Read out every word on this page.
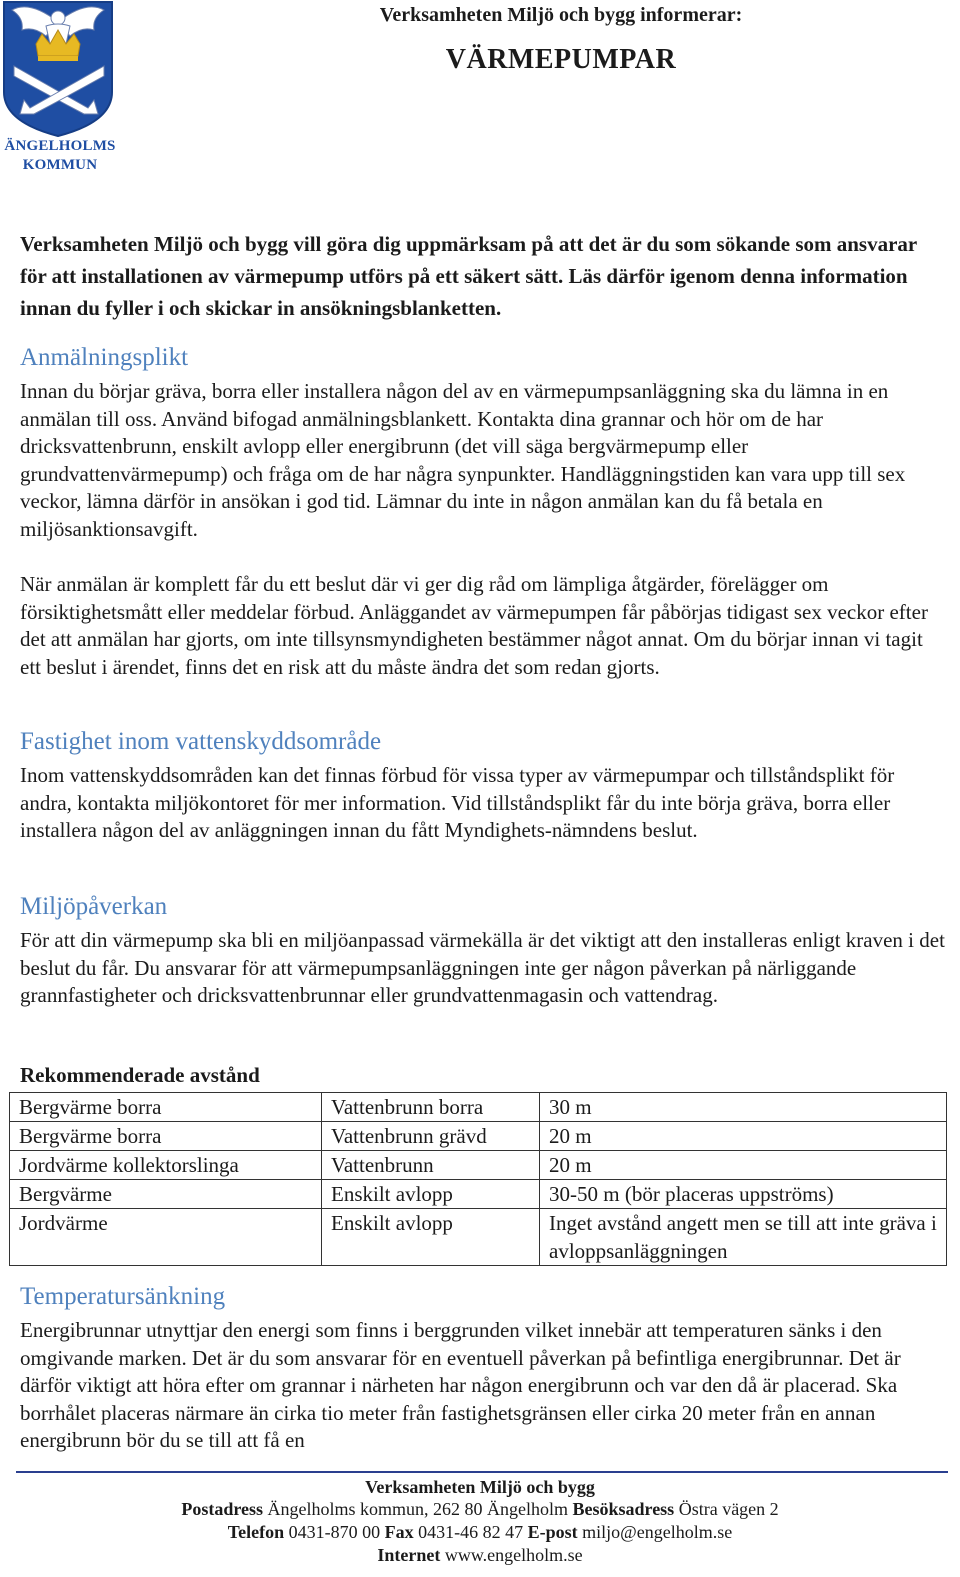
ÄNGELHOLMS
KOMMUN
Verksamheten Miljö och bygg informerar:
VÄRMEPUMPAR
Verksamheten Miljö och bygg vill göra dig uppmärksam på att det är du som sökande som ansvarar för att installationen av värmepump utförs på ett säkert sätt. Läs därför igenom denna information innan du fyller i och skickar in ansökningsblanketten.
Anmälningsplikt
Innan du börjar gräva, borra eller installera någon del av en värmepumpsanläggning ska du lämna in en anmälan till oss. Använd bifogad anmälningsblankett. Kontakta dina grannar och hör om de har dricksvattenbrunn, enskilt avlopp eller energibrunn (det vill säga bergvärmepump eller grundvattenvärmepump) och fråga om de har några synpunkter. Handläggningstiden kan vara upp till sex veckor, lämna därför in ansökan i god tid. Lämnar du inte in någon anmälan kan du få betala en miljösanktionsavgift.
När anmälan är komplett får du ett beslut där vi ger dig råd om lämpliga åtgärder, förelägger om försiktighetsmått eller meddelar förbud. Anläggandet av värmepumpen får påbörjas tidigast sex veckor efter det att anmälan har gjorts, om inte tillsynsmyndigheten bestämmer något annat. Om du börjar innan vi tagit ett beslut i ärendet, finns det en risk att du måste ändra det som redan gjorts.
Fastighet inom vattenskyddsområde
Inom vattenskyddsområden kan det finnas förbud för vissa typer av värmepumpar och tillståndsplikt för andra, kontakta miljökontoret för mer information. Vid tillståndsplikt får du inte börja gräva, borra eller installera någon del av anläggningen innan du fått Myndighets-nämndens beslut.
Miljöpåverkan
För att din värmepump ska bli en miljöanpassad värmekälla är det viktigt att den installeras enligt kraven i det beslut du får. Du ansvarar för att värmepumpsanläggningen inte ger någon påverkan på närliggande grannfastigheter och dricksvattenbrunnar eller grundvattenmagasin och vattendrag.
Rekommenderade avstånd
Bergvärme borra	Vattenbrunn borra	30 m
Bergvärme borra	Vattenbrunn grävd	20 m
Jordvärme kollektorslinga	Vattenbrunn	20 m
Bergvärme	Enskilt avlopp	30-50 m (bör placeras uppströms)
Jordvärme	Enskilt avlopp	Inget avstånd angett men se till att inte gräva i avloppsanläggningen
Temperatursänkning
Energibrunnar utnyttjar den energi som finns i berggrunden vilket innebär att temperaturen sänks i den omgivande marken. Det är du som ansvarar för en eventuell påverkan på befintliga energibrunnar. Det är därför viktigt att höra efter om grannar i närheten har någon energibrunn och var den då är placerad. Ska borrhålet placeras närmare än cirka tio meter från fastighetsgränsen eller cirka 20 meter från en annan energibrunn bör du se till att få en
Verksamheten Miljö och bygg
Postadress Ängelholms kommun, 262 80 Ängelholm Besöksadress Östra vägen 2
Telefon 0431-870 00 Fax 0431-46 82 47 E-post miljo@engelholm.se
Internet www.engelholm.se
